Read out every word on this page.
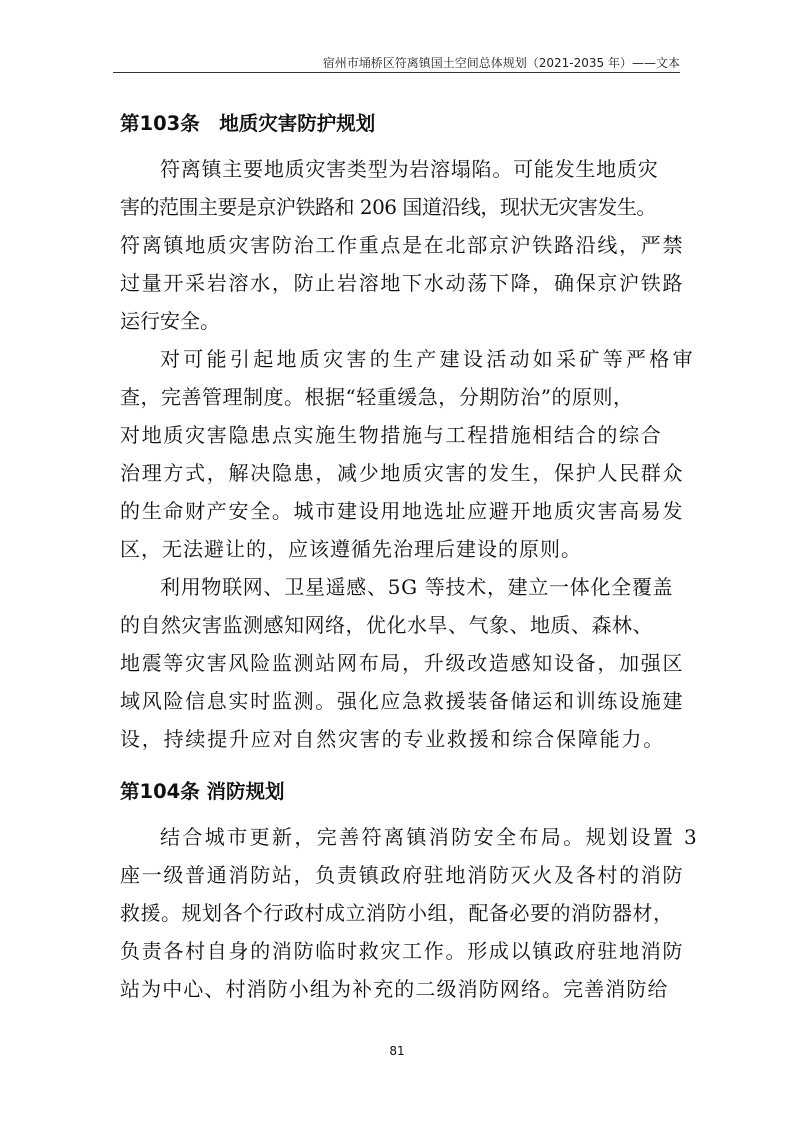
宿州市埇桥区符离镇国土空间总体规划（2021-2035 年）——文本
第103条　地质灾害防护规划
符离镇主要地质灾害类型为岩溶塌陷。可能发生地质灾
害的范围主要是京沪铁路和 206 国道沿线，现状无灾害发生。
符离镇地质灾害防治工作重点是在北部京沪铁路沿线，严禁
过量开采岩溶水，防止岩溶地下水动荡下降，确保京沪铁路
运行安全。
对可能引起地质灾害的生产建设活动如采矿等严格审
查，完善管理制度。根据“轻重缓急，分期防治”的原则，
对地质灾害隐患点实施生物措施与工程措施相结合的综合
治理方式，解决隐患，减少地质灾害的发生，保护人民群众
的生命财产安全。城市建设用地选址应避开地质灾害高易发
区，无法避让的，应该遵循先治理后建设的原则。
利用物联网、卫星遥感、5G 等技术，建立一体化全覆盖
的自然灾害监测感知网络，优化水旱、气象、地质、森林、
地震等灾害风险监测站网布局，升级改造感知设备，加强区
域风险信息实时监测。强化应急救援装备储运和训练设施建
设，持续提升应对自然灾害的专业救援和综合保障能力。
第104条 消防规划
结合城市更新，完善符离镇消防安全布局。规划设置 3
座一级普通消防站，负责镇政府驻地消防灭火及各村的消防
救援。规划各个行政村成立消防小组，配备必要的消防器材，
负责各村自身的消防临时救灾工作。形成以镇政府驻地消防
站为中心、村消防小组为补充的二级消防网络。完善消防给
81
